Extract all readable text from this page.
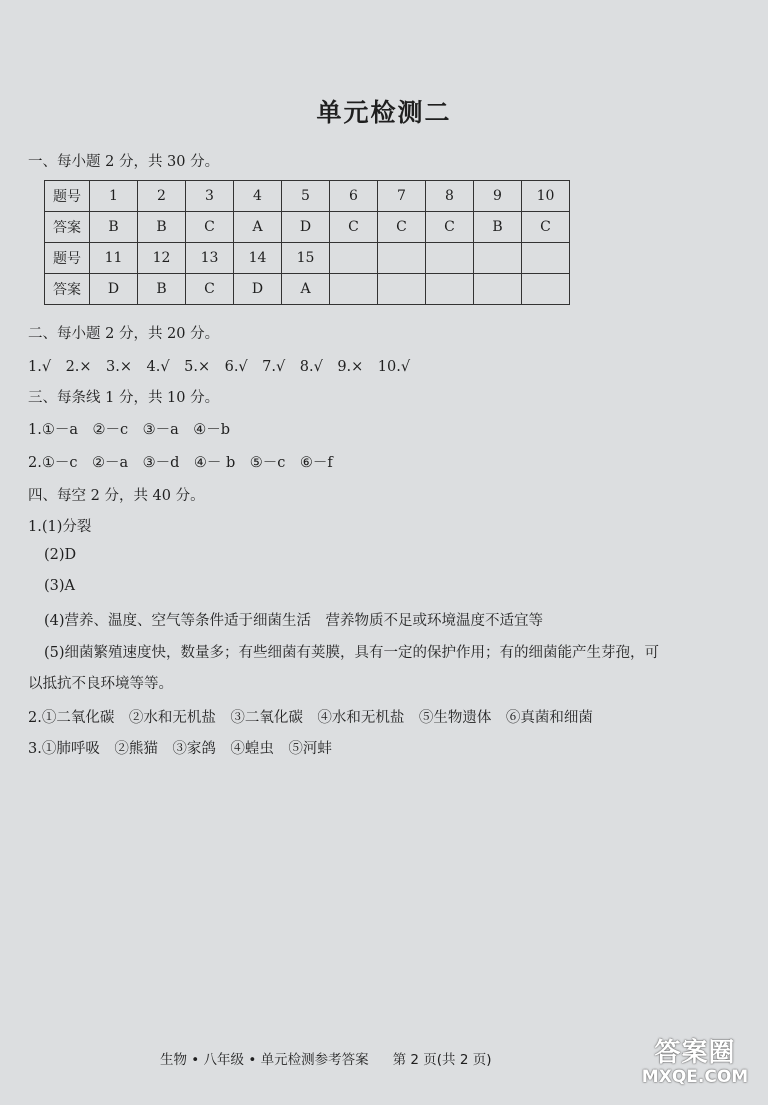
单元检测二
一、每小题 2 分，共 30 分。
题号	1	2	3	4	5	6	7	8	9	10
答案	B	B	C	A	D	C	C	C	B	C
题号	11	12	13	14	15					
答案	D	B	C	D	A					
二、每小题 2 分，共 20 分。
1.√　2.×　3.×　4.√　5.×　6.√　7.√　8.√　9.×　10.√
三、每条线 1 分，共 10 分。
1.①－a　②－c　③－a　④－b
2.①－c　②－a　③－d　④－ b　⑤－c　⑥－f
四、每空 2 分，共 40 分。
1.(1)分裂
(2)D
(3)A
(4)营养、温度、空气等条件适于细菌生活　营养物质不足或环境温度不适宜等
(5)细菌繁殖速度快，数量多；有些细菌有荚膜，具有一定的保护作用；有的细菌能产生芽孢，可
以抵抗不良环境等等。
2.①二氧化碳　②水和无机盐　③二氧化碳　④水和无机盐　⑤生物遗体　⑥真菌和细菌
3.①肺呼吸　②熊猫　③家鸽　④蝗虫　⑤河蚌
生物 • 八年级 • 单元检测参考答案 第 2 页(共 2 页)	答案圈
MXQE.COM
